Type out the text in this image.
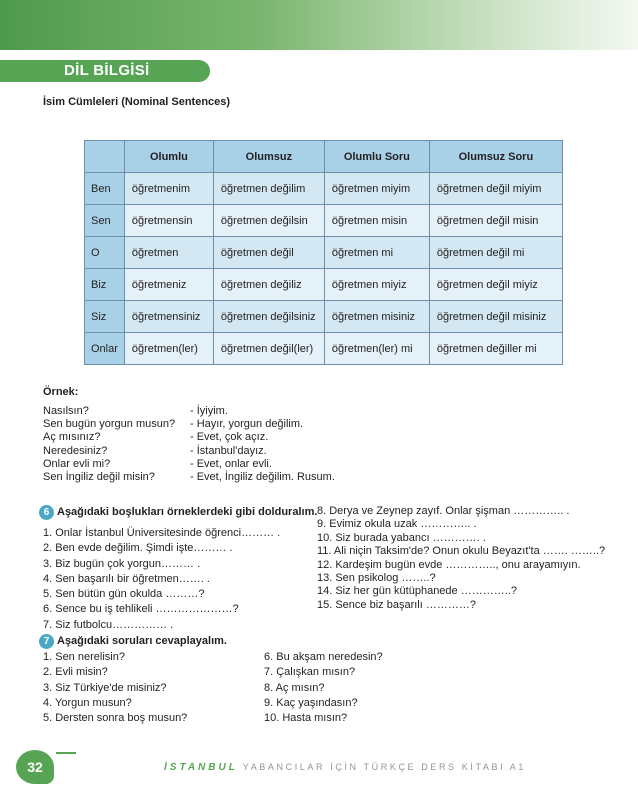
DİL BİLGİSİ
İsim Cümleleri (Nominal Sentences)
	Olumlu	Olumsuz	Olumlu Soru	Olumsuz Soru
Ben	öğretmenim	öğretmen değilim	öğretmen miyim	öğretmen değil miyim
Sen	öğretmensin	öğretmen değilsin	öğretmen misin	öğretmen değil misin
O	öğretmen	öğretmen değil	öğretmen mi	öğretmen değil mi
Biz	öğretmeniz	öğretmen değiliz	öğretmen miyiz	öğretmen değil miyiz
Siz	öğretmensiniz	öğretmen değilsiniz	öğretmen misiniz	öğretmen değil misiniz
Onlar	öğretmen(ler)	öğretmen değil(ler)	öğretmen(ler) mi	öğretmen değiller mi
Örnek:
Nasılsın?
Sen bugün yorgun musun?
Aç mısınız?
Neredesiniz?
Onlar evli mi?
Sen İngiliz değil misin?
- İyiyim.
- Hayır, yorgun değilim.
- Evet, çok açız.
- İstanbul'dayız.
- Evet, onlar evli.
- Evet, İngiliz değilim. Rusum.
6 Aşağıdaki boşlukları örneklerdeki gibi dolduralım.
1. Onlar İstanbul Üniversitesinde öğrenci……… .
2. Ben evde değilim. Şimdi işte……… .
3. Biz bugün çok yorgun……… .
4. Sen başarılı bir öğretmen……. .
5. Sen bütün gün okulda ………?
6. Sence bu iş tehlikeli …………………?
7. Siz futbolcu…………… .
8. Derya ve Zeynep zayıf. Onlar şişman ………….. .
9. Evimiz okula uzak ………….. .
10. Siz burada yabancı …………. .
11. Ali niçin Taksim'de? Onun okulu Beyazıt'ta ……. ……..?
12. Kardeşim bugün evde ………….., onu arayamıyın.
13. Sen psikolog ……..?
14. Siz her gün kütüphanede …………..?
15. Sence biz başarılı …………?
7 Aşağıdaki soruları cevaplayalım.
1. Sen nerelisin?
2. Evli misin?
3. Siz Türkiye'de misiniz?
4. Yorgun musun?
5. Dersten sonra boş musun?
6. Bu akşam neredesin?
7. Çalışkan mısın?
8. Aç mısın?
9. Kaç yaşındasın?
10. Hasta mısın?
32	İSTANBUL YABANCILAR İÇİN TÜRKÇE DERS KİTABI A1
